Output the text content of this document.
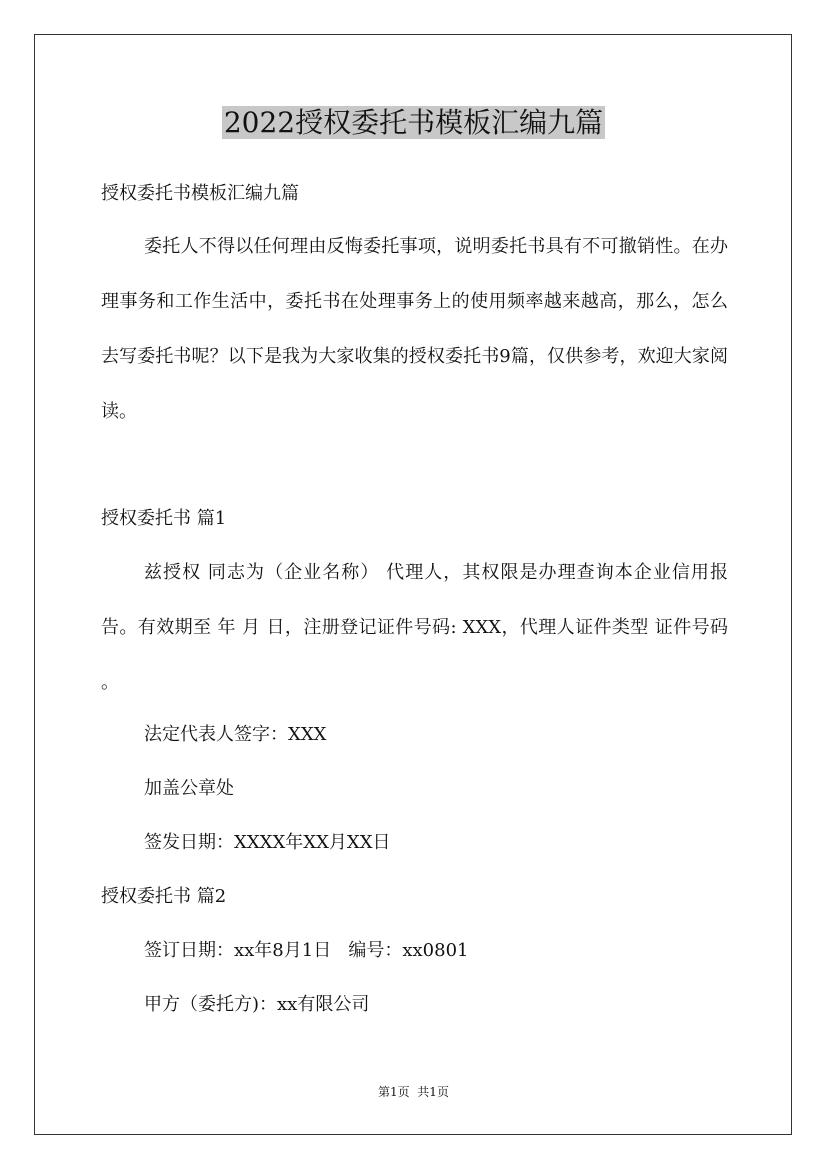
2022授权委托书模板汇编九篇
授权委托书模板汇编九篇
委托人不得以任何理由反悔委托事项，说明委托书具有不可撤销性。在办理事务和工作生活中，委托书在处理事务上的使用频率越来越高，那么，怎么去写委托书呢？以下是我为大家收集的授权委托书9篇，仅供参考，欢迎大家阅读。
授权委托书 篇1
兹授权 同志为（企业名称） 代理人，其权限是办理查询本企业信用报告。有效期至 年 月 日，注册登记证件号码: XXX，代理人证件类型 证件号码 。
法定代表人签字：XXX
加盖公章处
签发日期：XXXX年XX月XX日
授权委托书 篇2
签订日期：xx年8月1日   编号：xx0801
甲方（委托方)：xx有限公司
第1页  共1页
